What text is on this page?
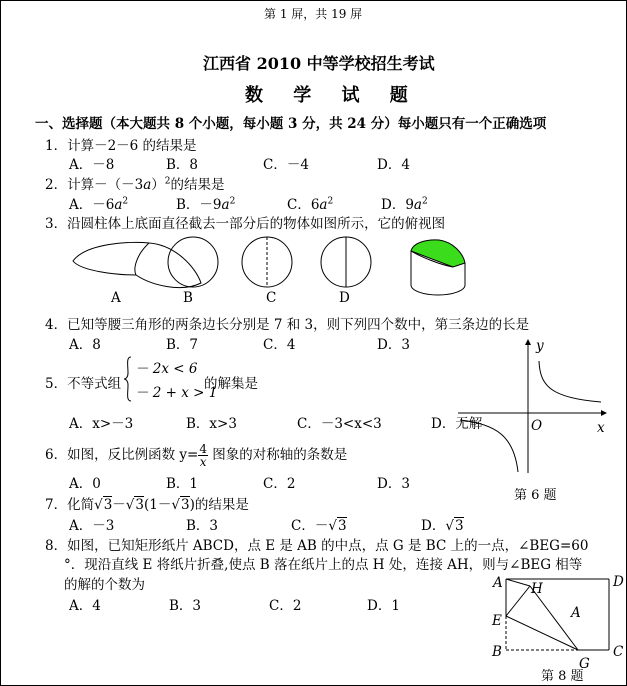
第 1 屏，共 19 屏
江西省 2010 中等学校招生考试
数 学 试 题
一、选择题（本大题共 8 个小题，每小题 3 分，共 24 分）每小题只有一个正确选项
1．计算－2－6 的结果是
A．－8	B．8	C．－4	D．4
2．计算$-(-3a)^2$的结果是
A．$-6a^2$	B．$-9a^2$	C．$6a^2$	D．$9a^2$
3．沿圆柱体上底面直径截去一部分后的物体如图所示，它的俯视图
A	B	C	D
4．已知等腰三角形的两条边长分别是 7 和 3，则下列四个数中，第三条边的长是
A．8	B．7	C．4	D．3
5．不等式组
－ 2x < 6
－ 2 + x > 1
的解集是
A．x>－3	B．x>3	C．－3<x<3	D．无解
6．如图，反比例函数 $y= \frac{4}{x}$ 图象的对称轴的条数是
A．0	B．1	C．2	D．3
y
x
O
第 6 题
7．化简√3－√3(1－√3)的结果是
A．－3	B．3	C．－√3	D．√3
8．如图，已知矩形纸片 ABCD，点 E 是 AB 的中点，点 G 是 BC 上的一点，∠BEG=60
°．现沿直线 E 将纸片折叠,使点 B 落在纸片上的点 H 处，连接 AH，则与∠BEG 相等
的解的个数为
A．4	B．3	C．2	D．1
A	D
H
A
E
B	C
G
第 8 题
